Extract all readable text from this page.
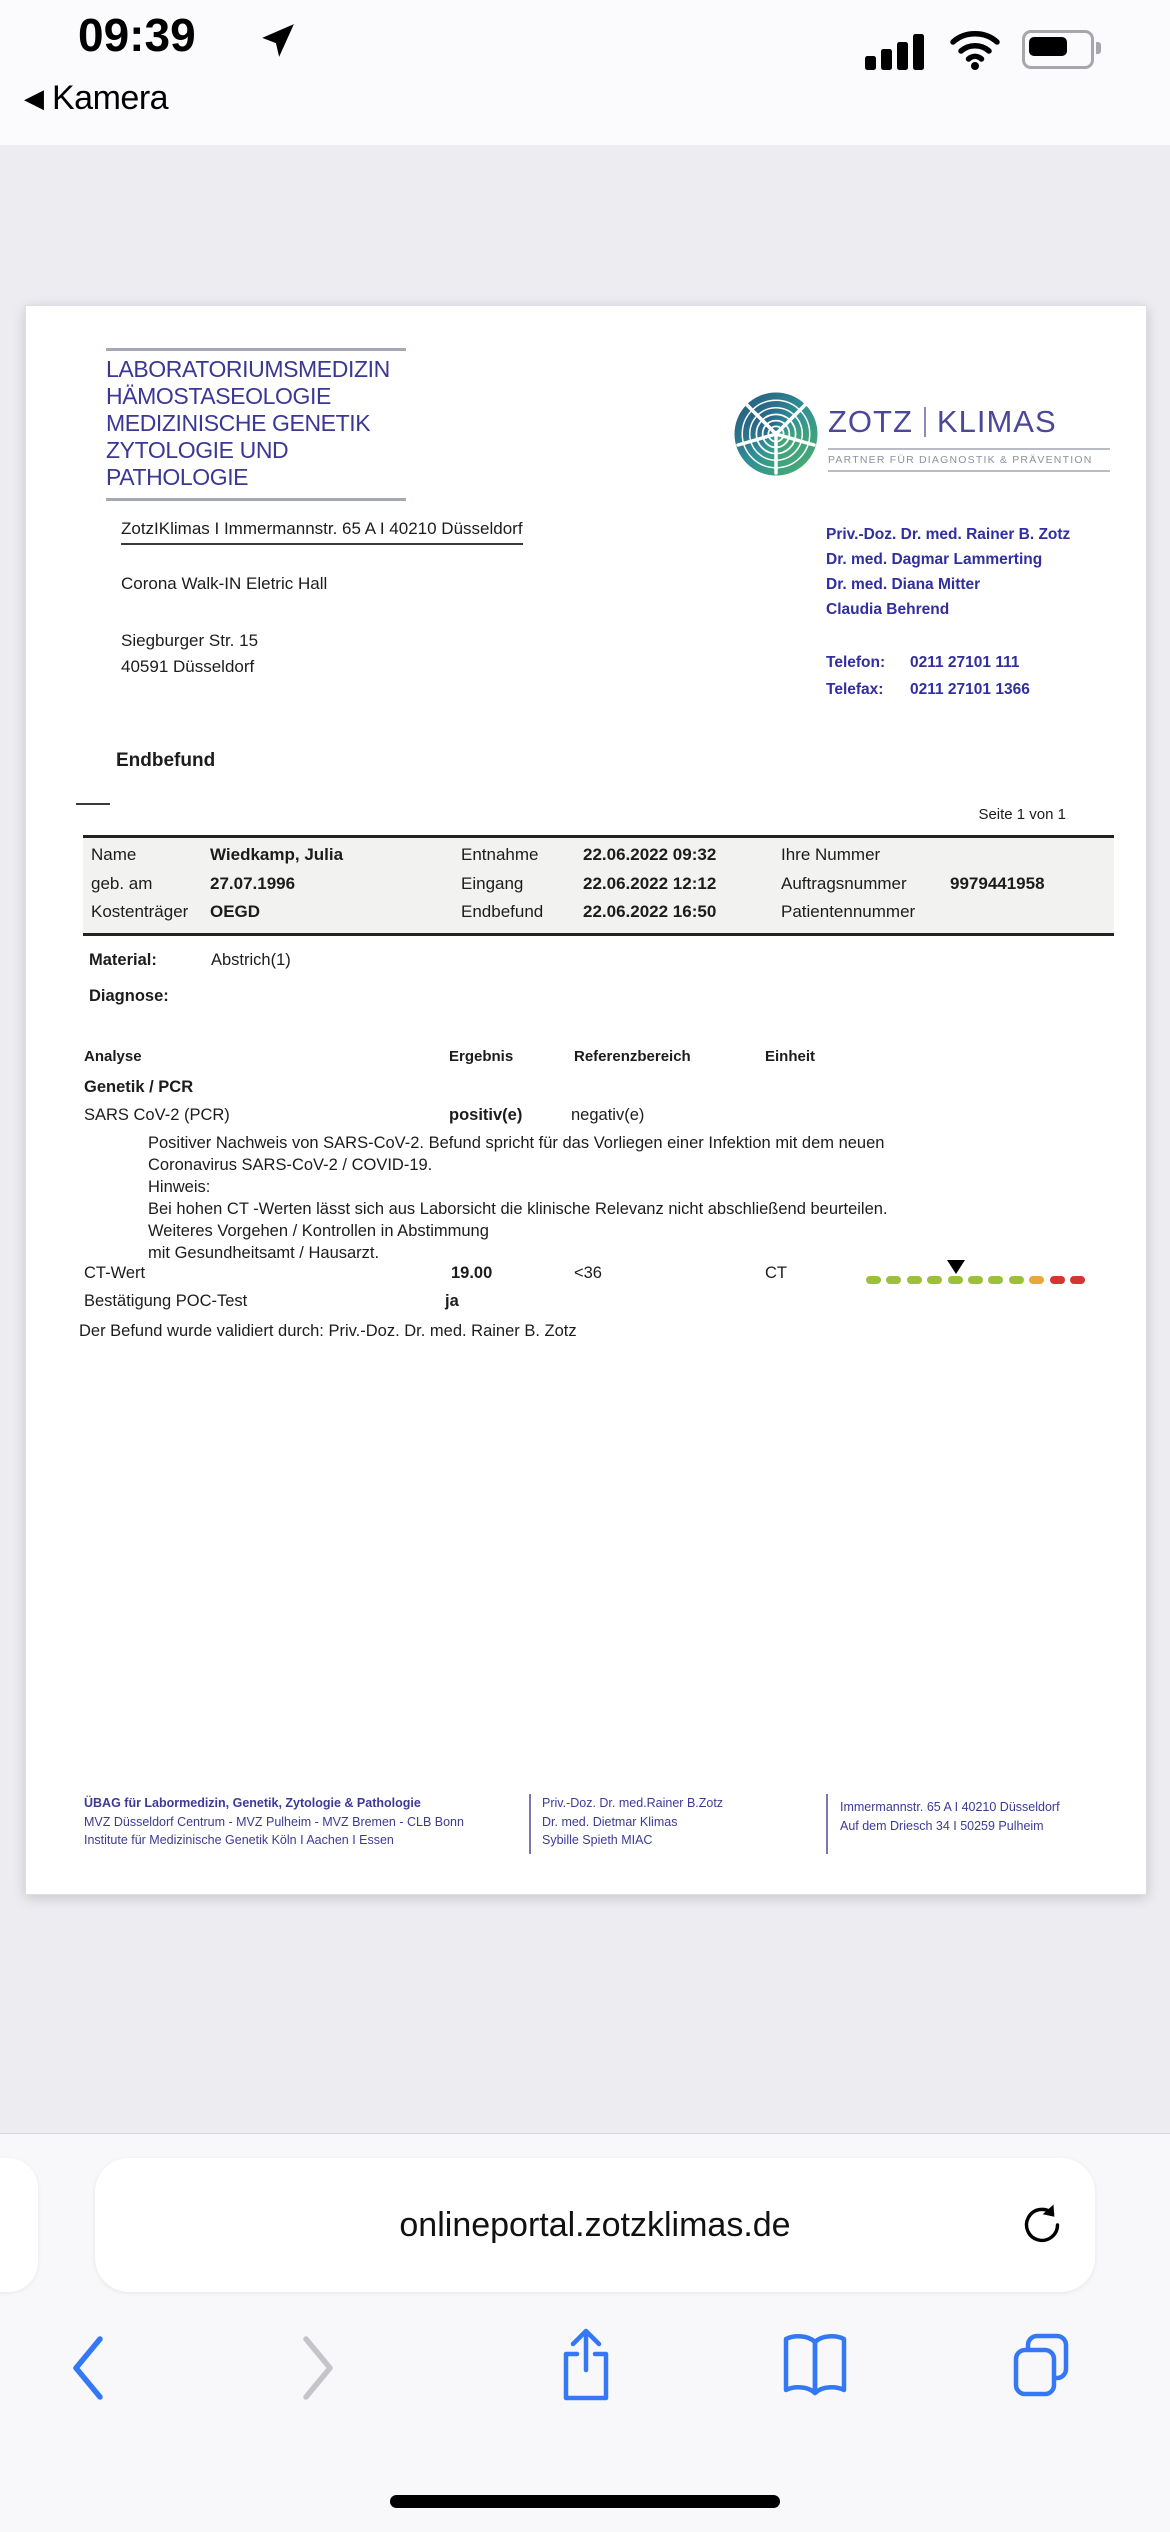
09:39
◀ Kamera
LABORATORIUMSMEDIZIN
HÄMOSTASEOLOGIE
MEDIZINISCHE GENETIK
ZYTOLOGIE UND PATHOLOGIE
ZOTZ KLIMAS
PARTNER FÜR DIAGNOSTIK & PRÄVENTION
ZotzIKlimas I Immermannstr. 65 A I 40210 Düsseldorf
Corona Walk-IN Eletric Hall
Siegburger Str. 15
40591 Düsseldorf
Priv.-Doz. Dr. med. Rainer B. Zotz
Dr. med. Dagmar Lammerting
Dr. med. Diana Mitter
Claudia Behrend
Telefon: 0211 27101 111
Telefax: 0211 27101 1366
Endbefund
Seite 1 von 1
Name	Wiedkamp, Julia	Entnahme	22.06.2022 09:32	Ihre Nummer
geb. am	27.07.1996	Eingang	22.06.2022 12:12	Auftragsnummer	9979441958
Kostenträger OEGD	Endbefund 22.06.2022 16:50	Patientennummer
Material:	Abstrich(1)
Diagnose:
Analyse	Ergebnis	Referenzbereich	Einheit
Genetik / PCR
SARS CoV-2 (PCR)	positiv(e)	negativ(e)
Positiver Nachweis von SARS-CoV-2. Befund spricht für das Vorliegen einer Infektion mit dem neuen
Coronavirus SARS-CoV-2 / COVID-19.
Hinweis:
Bei hohen CT -Werten lässt sich aus Laborsicht die klinische Relevanz nicht abschließend beurteilen.
Weiteres Vorgehen / Kontrollen in Abstimmung
mit Gesundheitsamt / Hausarzt.
CT-Wert	19.00	<36	CT
Bestätigung POC-Test	ja
Der Befund wurde validiert durch: Priv.-Doz. Dr. med. Rainer B. Zotz
ÜBAG für Labormedizin, Genetik, Zytologie & Pathologie
MVZ Düsseldorf Centrum - MVZ Pulheim - MVZ Bremen - CLB Bonn
Institute für Medizinische Genetik Köln I Aachen I Essen
Priv.-Doz. Dr. med.Rainer B.Zotz
Dr. med. Dietmar Klimas
Sybille Spieth MIAC
Immermannstr. 65 A I 40210 Düsseldorf
Auf dem Driesch 34 I 50259 Pulheim
onlineportal.zotzklimas.de
